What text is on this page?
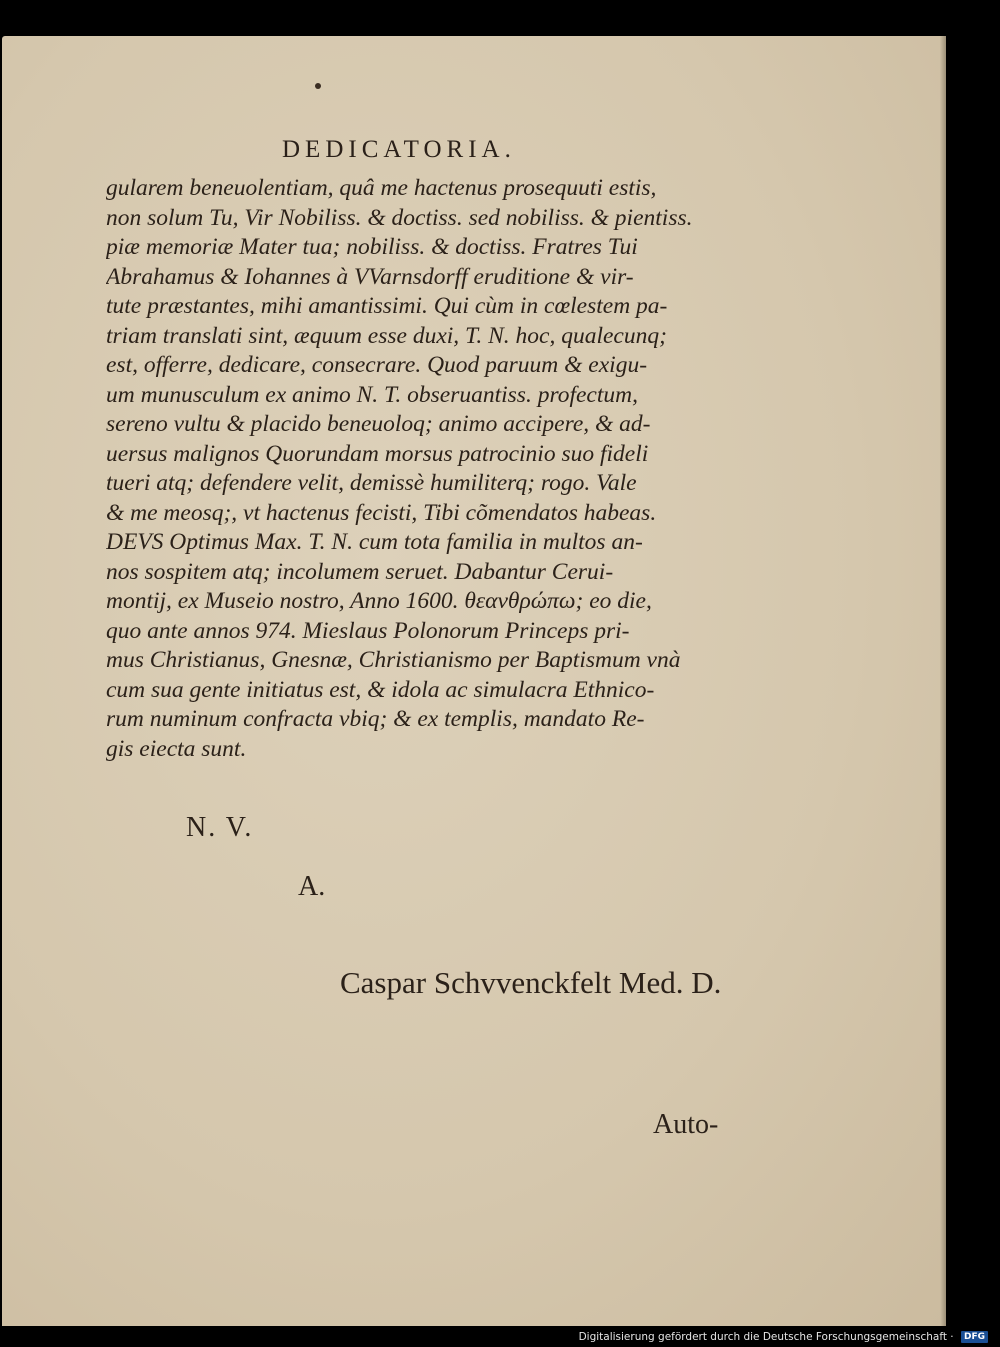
DEDICATORIA.
gularem beneuolentiam, quâ me hactenus prosequuti estis,
non solum Tu, Vir Nobiliss. & doctiss. sed nobiliss. & pientiss.
piæ memoriæ Mater tua; nobiliss. & doctiss. Fratres Tui
Abrahamus & Iohannes à VVarnsdorff eruditione & vir-
tute præstantes, mihi amantissimi. Qui cùm in cœlestem pa-
triam translati sint, æquum esse duxi, T. N. hoc, qualecunq;
est, offerre, dedicare, consecrare. Quod paruum & exigu-
um munusculum ex animo N. T. obseruantiss. profectum,
sereno vultu & placido beneuoloq; animo accipere, & ad-
uersus malignos Quorundam morsus patrocinio suo fideli
tueri atq; defendere velit, demissè humiliterq; rogo. Vale
& me meosq;, vt hactenus fecisti, Tibi cõmendatos habeas.
DEVS Optimus Max. T. N. cum tota familia in multos an-
nos sospitem atq; incolumem seruet. Dabantur Cerui-
montij, ex Museio nostro, Anno 1600. θεανθρώπω; eo die,
quo ante annos 974. Mieslaus Polonorum Princeps pri-
mus Christianus, Gnesnæ, Christianismo per Baptismum vnà
cum sua gente initiatus est, & idola ac simulacra Ethnico-
rum numinum confracta vbiq; & ex templis, mandato Re-
gis eiecta sunt.
N. V.
A.
Caspar Schvvenckfelt Med. D.
Auto-
Digitalisierung gefördert durch die Deutsche Forschungsgemeinschaft · DFG
